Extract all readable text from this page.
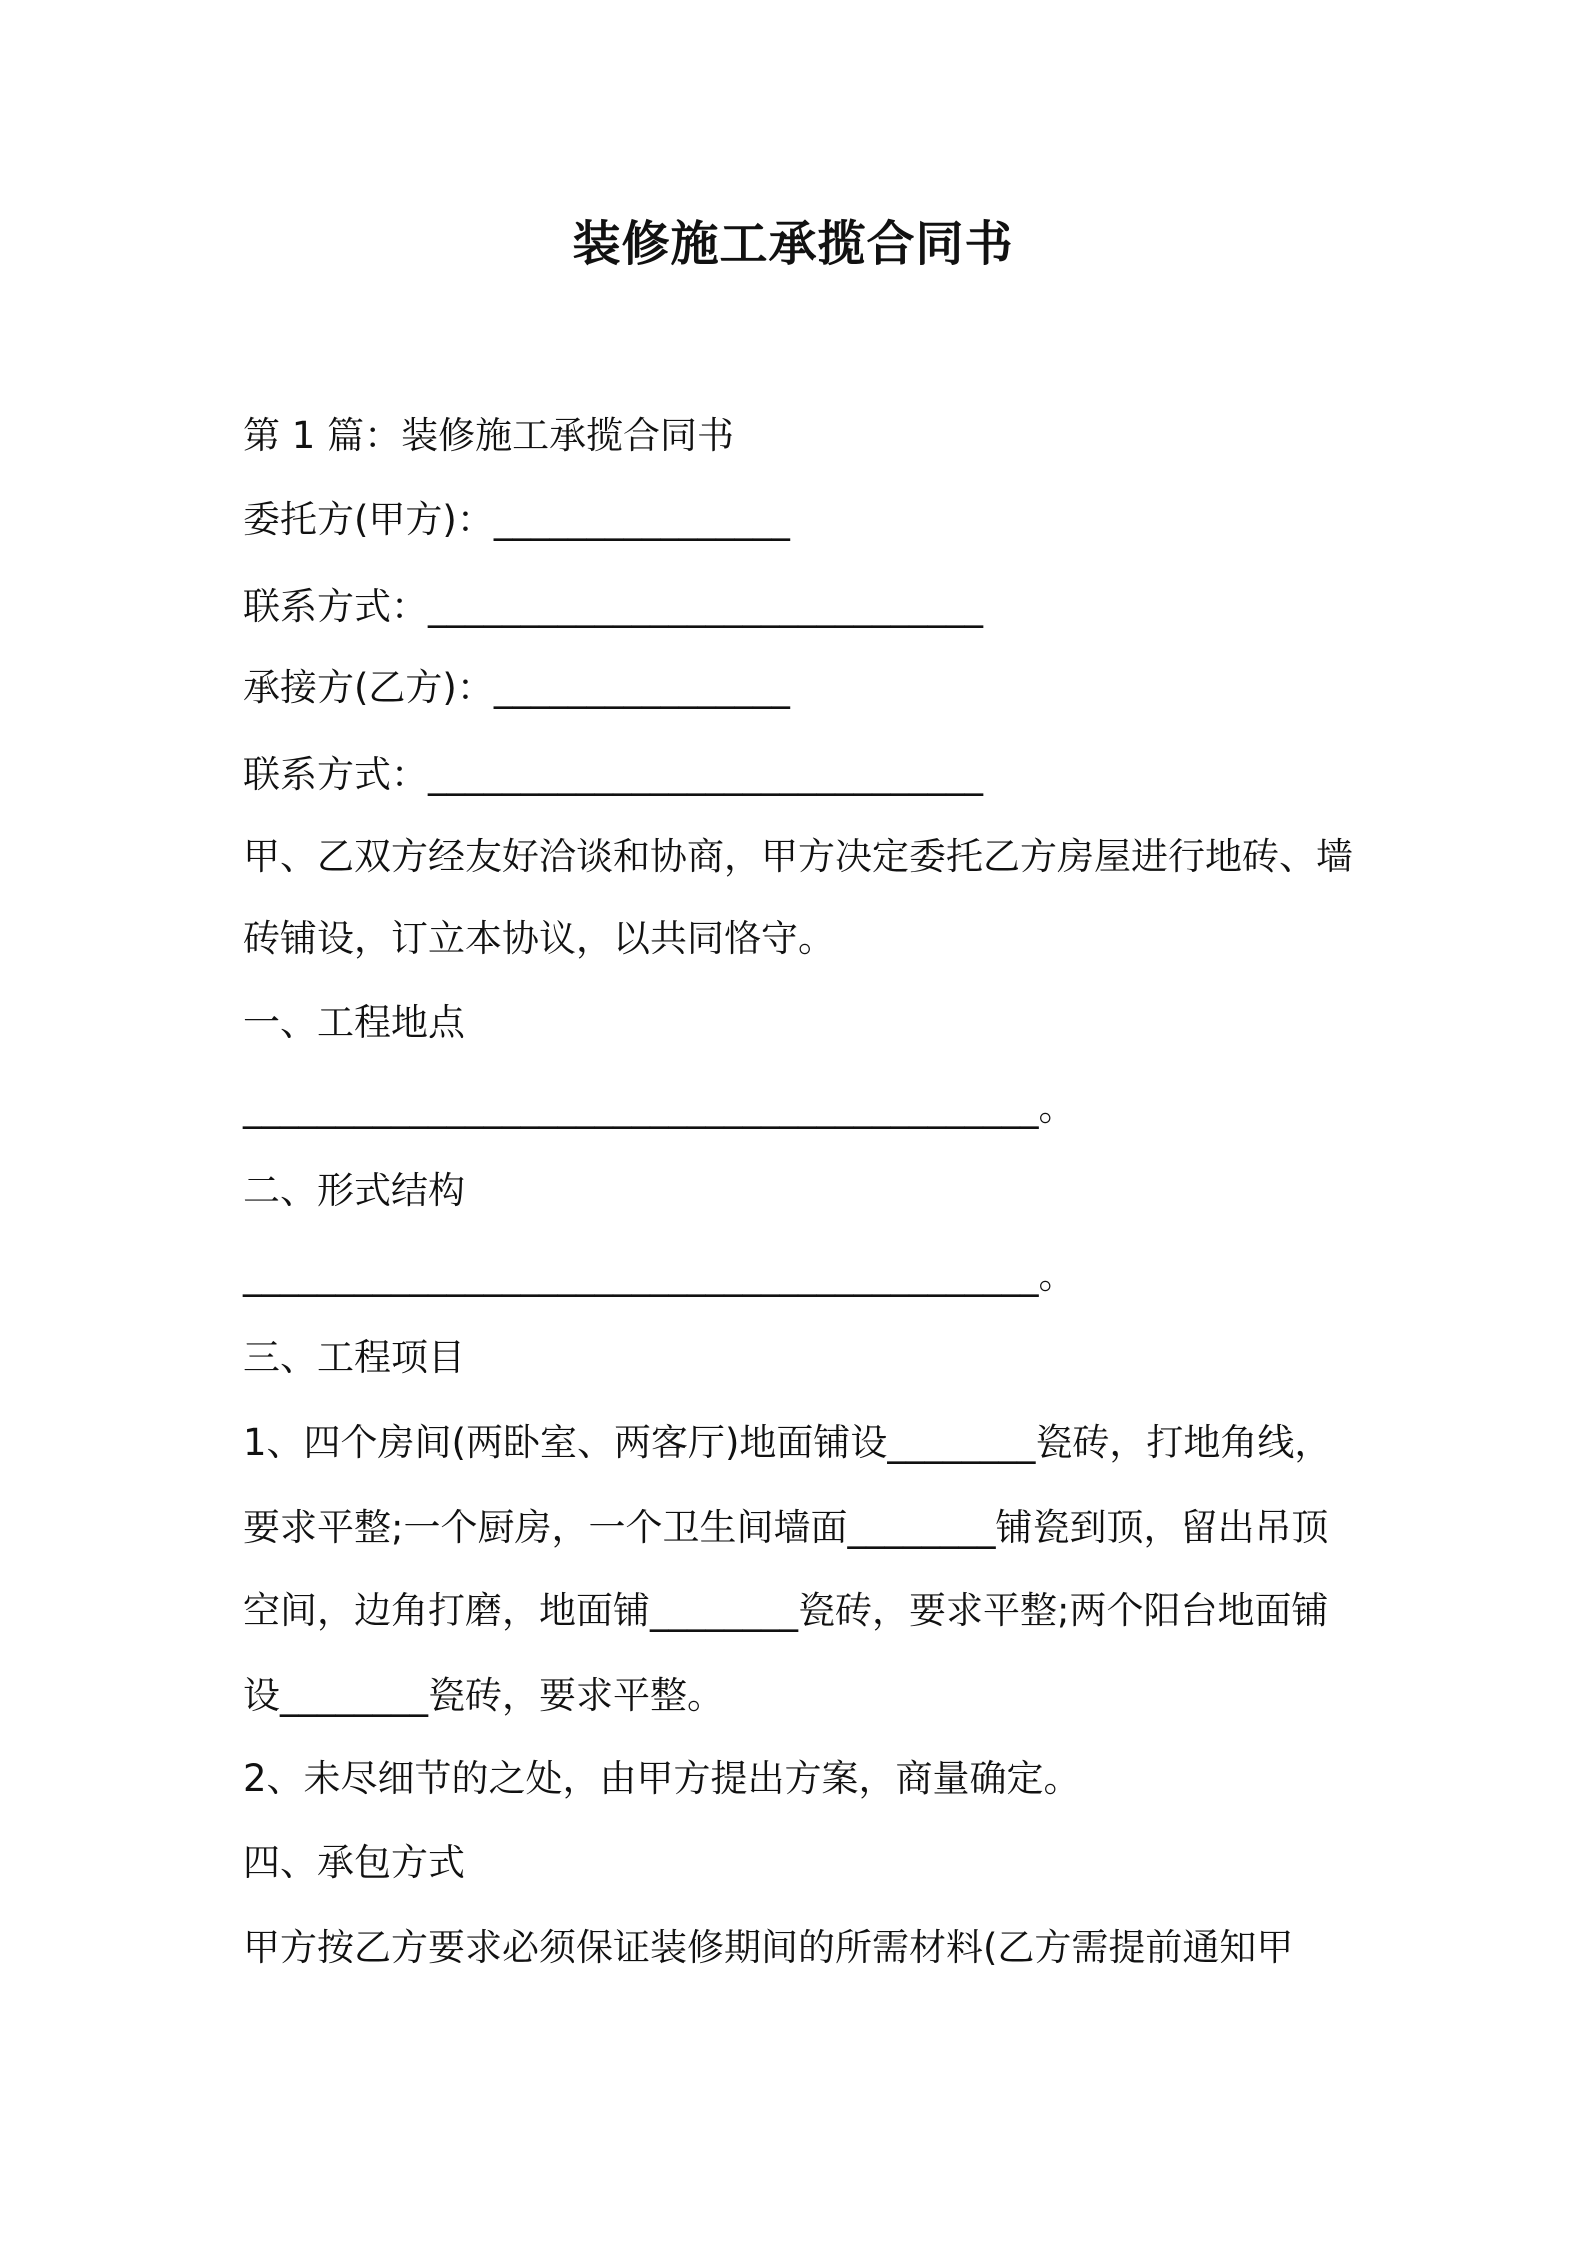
装修施工承揽合同书
第 1 篇：装修施工承揽合同书
委托方(甲方)：________________
联系方式：______________________________
承接方(乙方)：________________
联系方式：______________________________
甲、乙双方经友好洽谈和协商，甲方决定委托乙方房屋进行地砖、墙
砖铺设，订立本协议，以共同恪守。
一、工程地点
___________________________________________。
二、形式结构
___________________________________________。
三、工程项目
1、四个房间(两卧室、两客厅)地面铺设________瓷砖，打地角线，
要求平整;一个厨房，一个卫生间墙面________铺瓷到顶，留出吊顶
空间，边角打磨，地面铺________瓷砖，要求平整;两个阳台地面铺
设________瓷砖，要求平整。
2、未尽细节的之处，由甲方提出方案，商量确定。
四、承包方式
甲方按乙方要求必须保证装修期间的所需材料(乙方需提前通知甲
